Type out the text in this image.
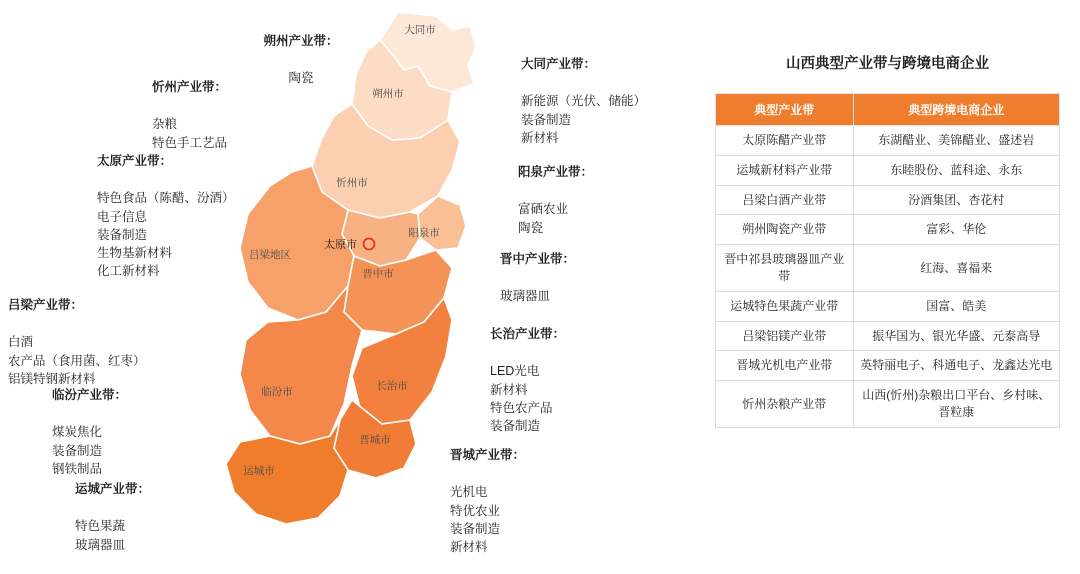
大同市
朔州市
忻州市
阳泉市
吕梁地区
晋中市
临汾市	长治市
晋城市
运城市
太原市

朔州产业带：

陶瓷

忻州产业带：

杂粮
特色手工艺品

太原产业带：

特色食品（陈醋、汾酒）
电子信息
装备制造
生物基新材料
化工新材料

吕梁产业带：

白酒
农产品（食用菌、红枣）
铝镁特钢新材料

临汾产业带：

煤炭焦化
装备制造
钢铁制品

运城产业带：

特色果蔬
玻璃器皿

大同产业带：

新能源（光伏、储能）
装备制造
新材料

阳泉产业带：

富硒农业
陶瓷

晋中产业带：

玻璃器皿

长治产业带：

LED光电
新材料
特色农产品
装备制造

晋城产业带：

光机电
特优农业
装备制造
新材料

山西典型产业带与跨境电商企业
典型产业带	典型跨境电商企业
太原陈醋产业带	东湖醋业、美锦醋业、盛述岩
运城新材料产业带	东睦股份、蓝科途、永东
吕梁白酒产业带	汾酒集团、杏花村
朔州陶瓷产业带	富彩、华伦
晋中祁县玻璃器皿产业带	红海、喜福来
运城特色果蔬产业带	国富、皓美
吕梁铝镁产业带	振华国为、银光华盛、元泰高导
晋城光机电产业带	英特丽电子、科通电子、龙鑫达光电
忻州杂粮产业带	山西(忻州)杂粮出口平台、乡村味、晋粒康
